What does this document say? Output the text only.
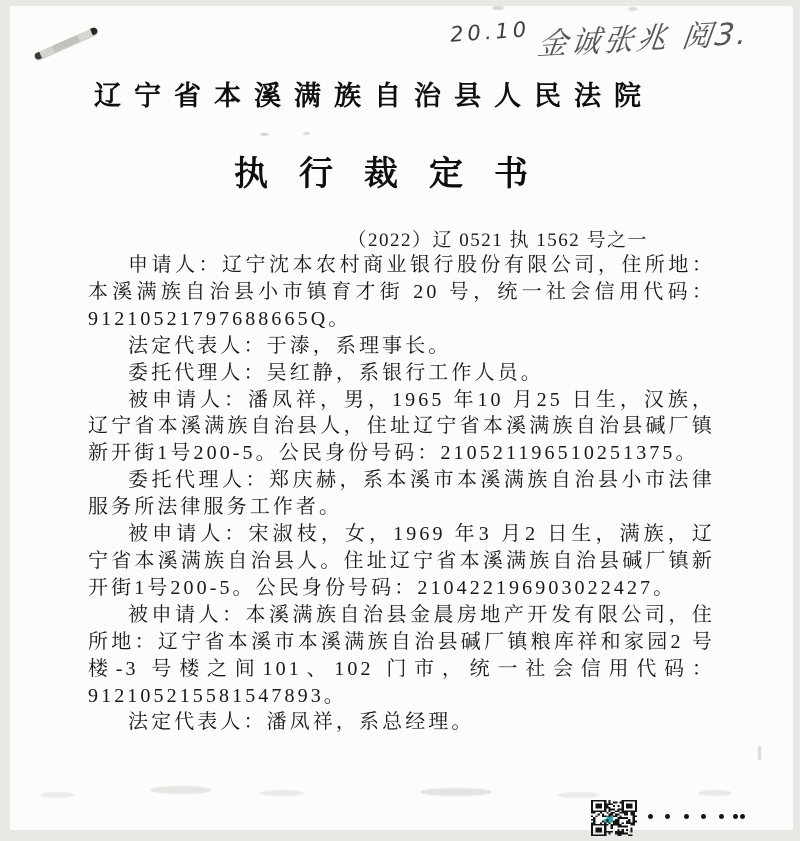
20.10 金诚张兆 阅3.
辽宁省本溪满族自治县人民法院
执行裁定书
（2022）辽 0521 执 1562 号之一

申请人：辽宁沈本农村商业银行股份有限公司，住所地：本溪满族自治县小市镇育才街 20 号，统一社会信用代码：91210521797688665Q。

法定代表人：于溙，系理事长。

委托代理人：吴红静，系银行工作人员。

被申请人：潘凤祥，男，1965 年10 月25 日生，汉族，辽宁省本溪满族自治县人，住址辽宁省本溪满族自治县碱厂镇新开街1号200-5。公民身份号码：210521196510251375。

委托代理人：郑庆赫，系本溪市本溪满族自治县小市法律服务所法律服务工作者。

被申请人：宋淑枝，女，1969 年3 月2 日生，满族，辽宁省本溪满族自治县人。住址辽宁省本溪满族自治县碱厂镇新开街1号200-5。公民身份号码：210422196903022427。

被申请人：本溪满族自治县金晨房地产开发有限公司，住所地：辽宁省本溪市本溪满族自治县碱厂镇粮库祥和家园2 号楼-3 号楼之间101、102 门市，统一社会信用代码：912105215581547893。

法定代表人：潘凤祥，系总经理。
